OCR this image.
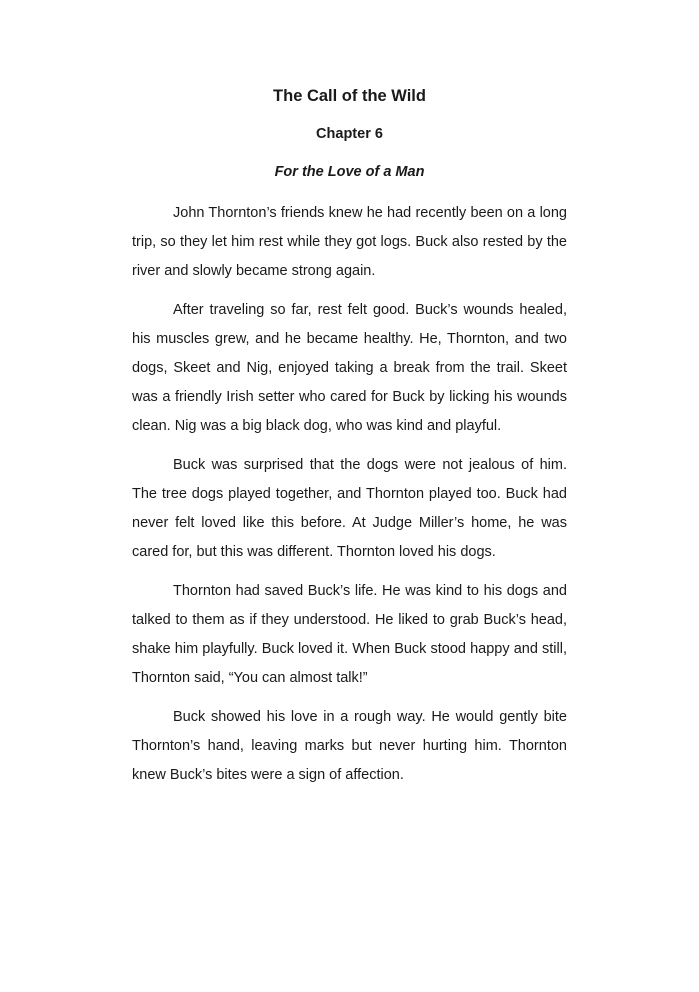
The Call of the Wild
Chapter 6
For the Love of a Man

John Thornton’s friends knew he had recently been on a long trip, so they let him rest while they got logs. Buck also rested by the river and slowly became strong again.

After traveling so far, rest felt good. Buck’s wounds healed, his muscles grew, and he became healthy. He, Thornton, and two dogs, Skeet and Nig, enjoyed taking a break from the trail. Skeet was a friendly Irish setter who cared for Buck by licking his wounds clean. Nig was a big black dog, who was kind and playful.

Buck was surprised that the dogs were not jealous of him. The tree dogs played together, and Thornton played too. Buck had never felt loved like this before. At Judge Miller’s home, he was cared for, but this was different. Thornton loved his dogs.

Thornton had saved Buck’s life. He was kind to his dogs and talked to them as if they understood. He liked to grab Buck’s head, shake him playfully. Buck loved it. When Buck stood happy and still, Thornton said, “You can almost talk!”

Buck showed his love in a rough way. He would gently bite Thornton’s hand, leaving marks but never hurting him. Thornton knew Buck’s bites were a sign of affection.
